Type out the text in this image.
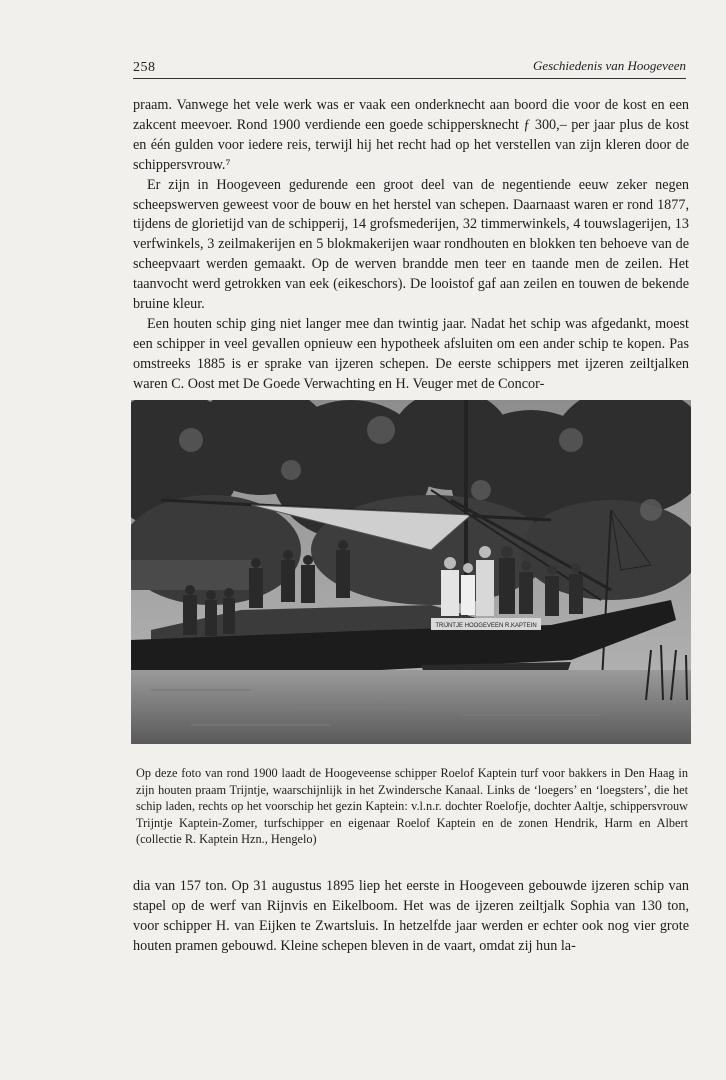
258	Geschiedenis van Hoogeveen

praam. Vanwege het vele werk was er vaak een onderknecht aan boord die voor de kost en een zakcent meevoer. Rond 1900 verdiende een goede schippersknecht ƒ 300,– per jaar plus de kost en één gulden voor iedere reis, terwijl hij het recht had op het verstellen van zijn kleren door de schippersvrouw.⁷

Er zijn in Hoogeveen gedurende een groot deel van de negentiende eeuw zeker negen scheepswerven geweest voor de bouw en het herstel van schepen. Daarnaast waren er rond 1877, tijdens de glorietijd van de schipperij, 14 grofsmederijen, 32 timmerwinkels, 4 touwslagerijen, 13 verfwinkels, 3 zeilmakerijen en 5 blokmakerijen waar rondhouten en blokken ten behoeve van de scheepvaart werden gemaakt. Op de werven brandde men teer en taande men de zeilen. Het taanvocht werd getrokken van eek (eikeschors). De looistof gaf aan zeilen en touwen de bekende bruine kleur.

Een houten schip ging niet langer mee dan twintig jaar. Nadat het schip was afgedankt, moest een schipper in veel gevallen opnieuw een hypotheek afsluiten om een ander schip te kopen. Pas omstreeks 1885 is er sprake van ijzeren schepen. De eerste schippers met ijzeren zeiltjalken waren C. Oost met De Goede Verwachting en H. Veuger met de Concor-

TRIJNTJE HOOGEVEEN R.KAPTEIN

Op deze foto van rond 1900 laadt de Hoogeveense schipper Roelof Kaptein turf voor bakkers in Den Haag in zijn houten praam Trijntje, waarschijnlijk in het Zwindersche Kanaal. Links de ‘loegers’ en ‘loegsters’, die het schip laden, rechts op het voorschip het gezin Kaptein: v.l.n.r. dochter Roelofje, dochter Aaltje, schippersvrouw Trijntje Kaptein-Zomer, turfschipper en eigenaar Roelof Kaptein en de zonen Hendrik, Harm en Albert (collectie R. Kaptein Hzn., Hengelo)

dia van 157 ton. Op 31 augustus 1895 liep het eerste in Hoogeveen gebouwde ijzeren schip van stapel op de werf van Rijnvis en Eikelboom. Het was de ijzeren zeiltjalk Sophia van 130 ton, voor schipper H. van Eijken te Zwartsluis. In hetzelfde jaar werden er echter ook nog vier grote houten pramen gebouwd. Kleine schepen bleven in de vaart, omdat zij hun la-
